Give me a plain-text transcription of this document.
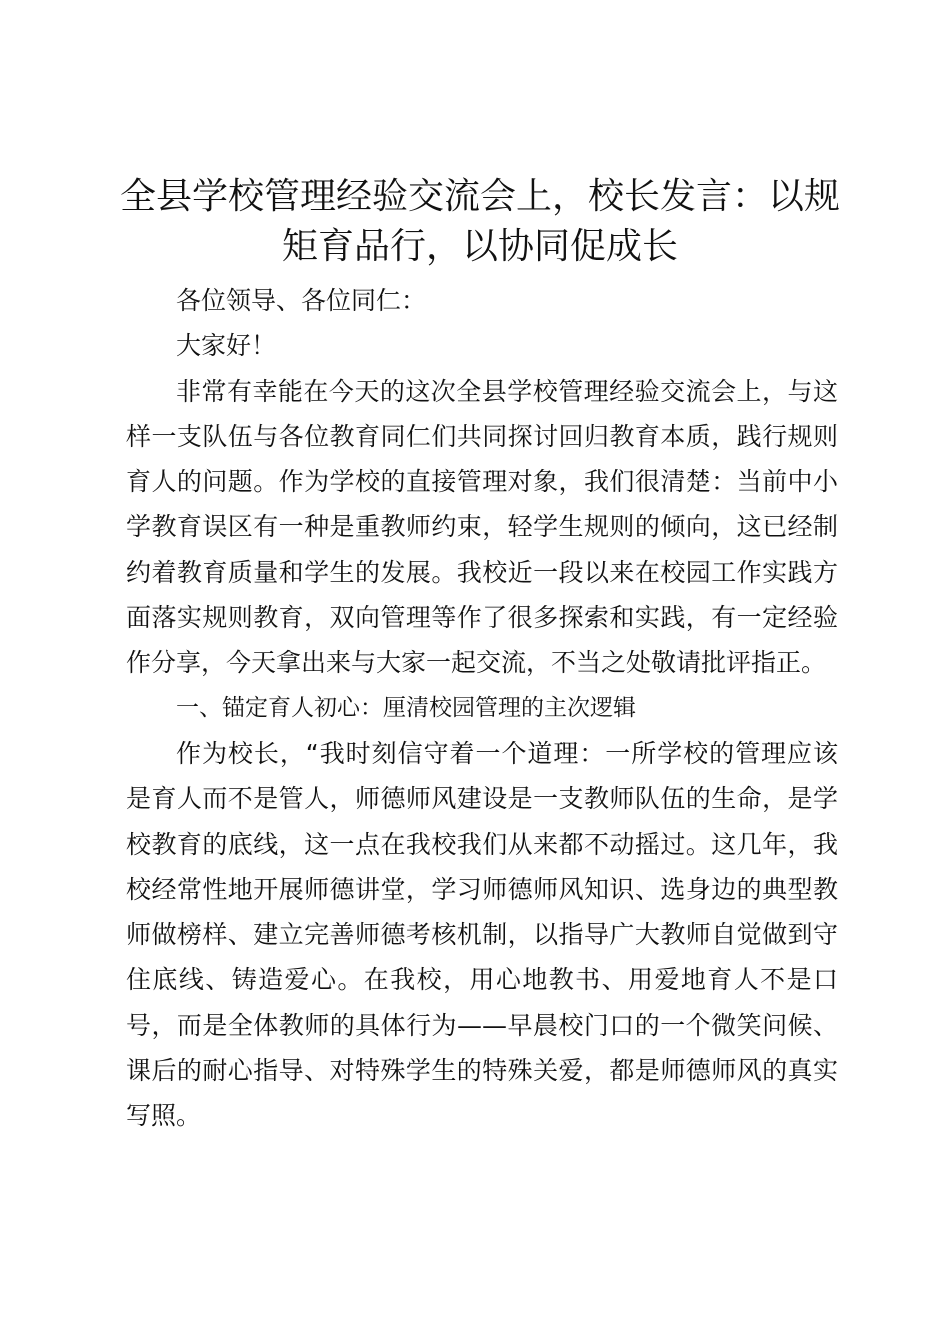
全县学校管理经验交流会上，校长发言：以规矩育品行，以协同促成长

各位领导、各位同仁：

大家好！

非常有幸能在今天的这次全县学校管理经验交流会上，与这样一支队伍与各位教育同仁们共同探讨回归教育本质，践行规则育人的问题。作为学校的直接管理对象，我们很清楚：当前中小学教育误区有一种是重教师约束，轻学生规则的倾向，这已经制约着教育质量和学生的发展。我校近一段以来在校园工作实践方面落实规则教育，双向管理等作了很多探索和实践，有一定经验作分享，今天拿出来与大家一起交流，不当之处敬请批评指正。

一、锚定育人初心：厘清校园管理的主次逻辑

作为校长，“我时刻信守着一个道理：一所学校的管理应该是育人而不是管人，师德师风建设是一支教师队伍的生命，是学校教育的底线，这一点在我校我们从来都不动摇过。这几年，我校经常性地开展师德讲堂，学习师德师风知识、选身边的典型教师做榜样、建立完善师德考核机制，以指导广大教师自觉做到守住底线、铸造爱心。在我校，用心地教书、用爱地育人不是口号，而是全体教师的具体行为——早晨校门口的一个微笑问候、课后的耐心指导、对特殊学生的特殊关爱，都是师德师风的真实写照。
